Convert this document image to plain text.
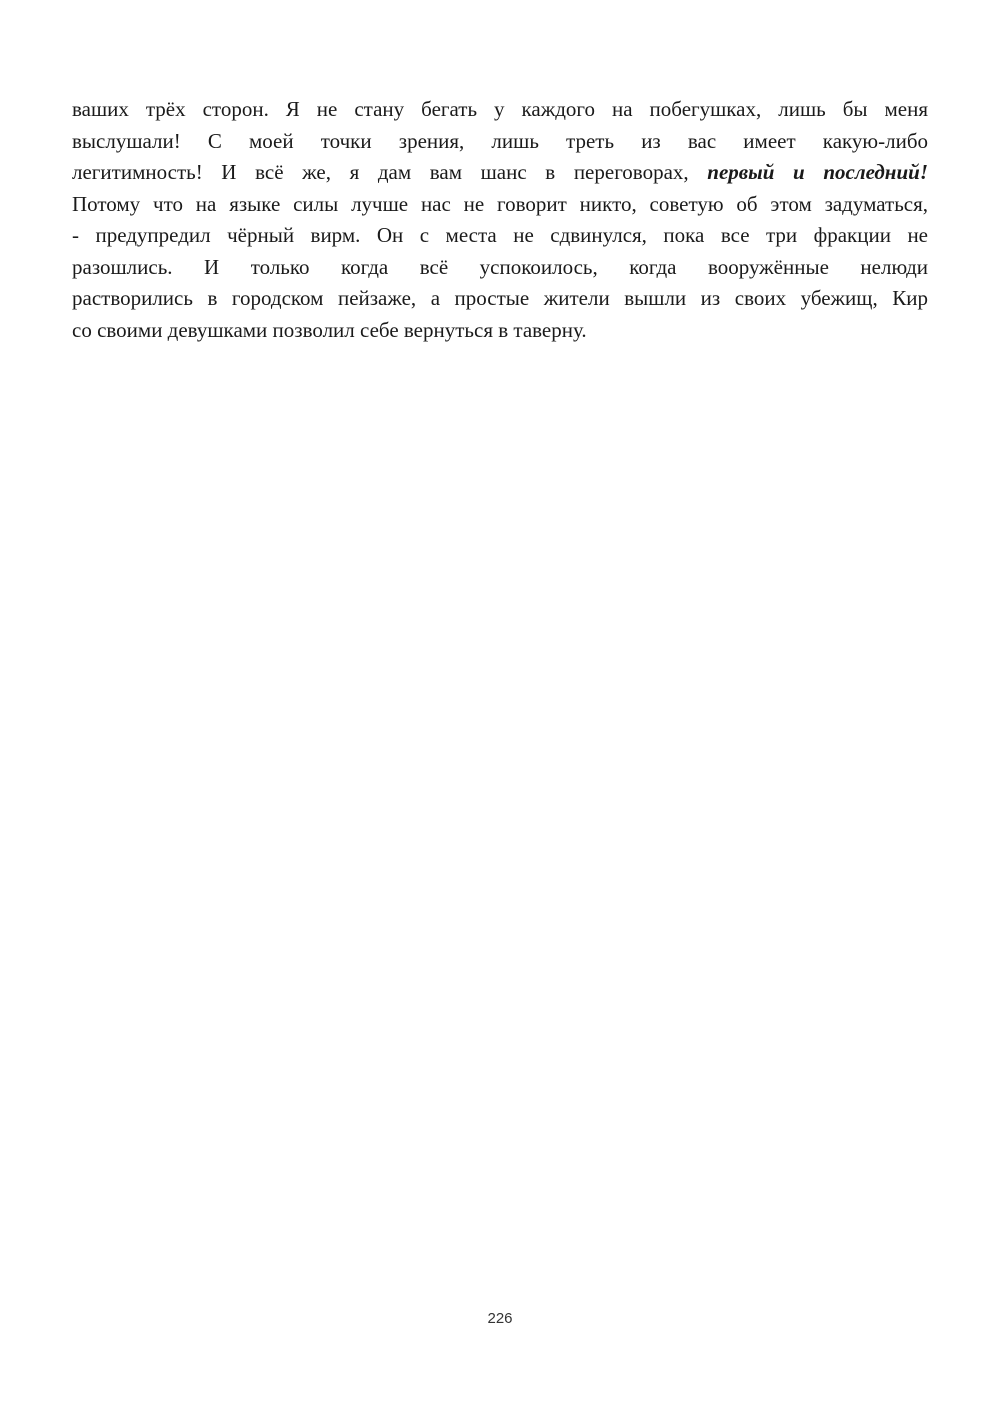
ваших трёх сторон. Я не стану бегать у каждого на побегушках, лишь бы меня
выслушали! С моей точки зрения, лишь треть из вас имеет какую-либо
легитимность! И всё же, я дам вам шанс в переговорах, первый и последний!
Потому что на языке силы лучше нас не говорит никто, советую об этом задуматься,
- предупредил чёрный вирм. Он с места не сдвинулся, пока все три фракции не
разошлись. И только когда всё успокоилось, когда вооружённые нелюди
растворились в городском пейзаже, а простые жители вышли из своих убежищ, Кир
со своими девушками позволил себе вернуться в таверну.
226
